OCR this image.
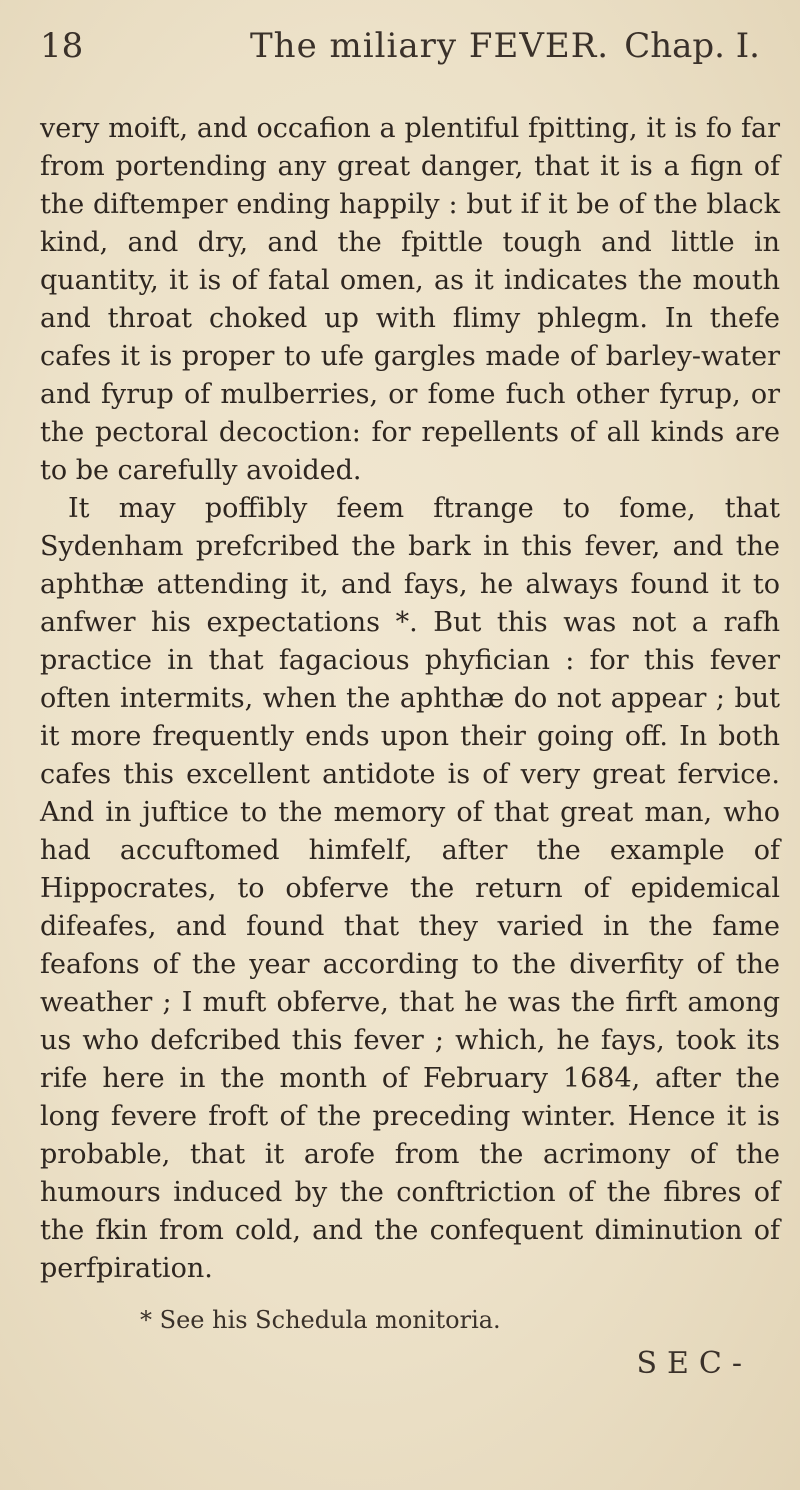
18	The miliary FEVER. Chap. I.

very moift, and occafion a plentiful fpitting, it is fo far from portending any great danger, that it is a fign of the diftemper ending happily : but if it be of the black kind, and dry, and the fpittle tough and little in quantity, it is of fatal omen, as it indicates the mouth and throat choked up with flimy phlegm. In thefe cafes it is proper to ufe gargles made of barley-water and fyrup of mulberries, or fome fuch other fyrup, or the pectoral decoction: for repellents of all kinds are to be carefully avoided.

It may poffibly feem ftrange to fome, that Sydenham prefcribed the bark in this fever, and the aphthæ attending it, and fays, he always found it to anfwer his expectations *. But this was not a rafh practice in that fagacious phyfician : for this fever often intermits, when the aphthæ do not appear ; but it more frequently ends upon their going off. In both cafes this excellent antidote is of very great fervice. And in juftice to the memory of that great man, who had accuftomed himfelf, after the example of Hippocrates, to obferve the return of epidemical difeafes, and found that they varied in the fame feafons of the year according to the diverfity of the weather ; I muft obferve, that he was the firft among us who defcribed this fever ; which, he fays, took its rife here in the month of February 1684, after the long fevere froft of the preceding winter. Hence it is probable, that it arofe from the acrimony of the humours induced by the conftriction of the fibres of the fkin from cold, and the confequent diminution of perfpiration.

* See his Schedula monitoria.
SEC-
